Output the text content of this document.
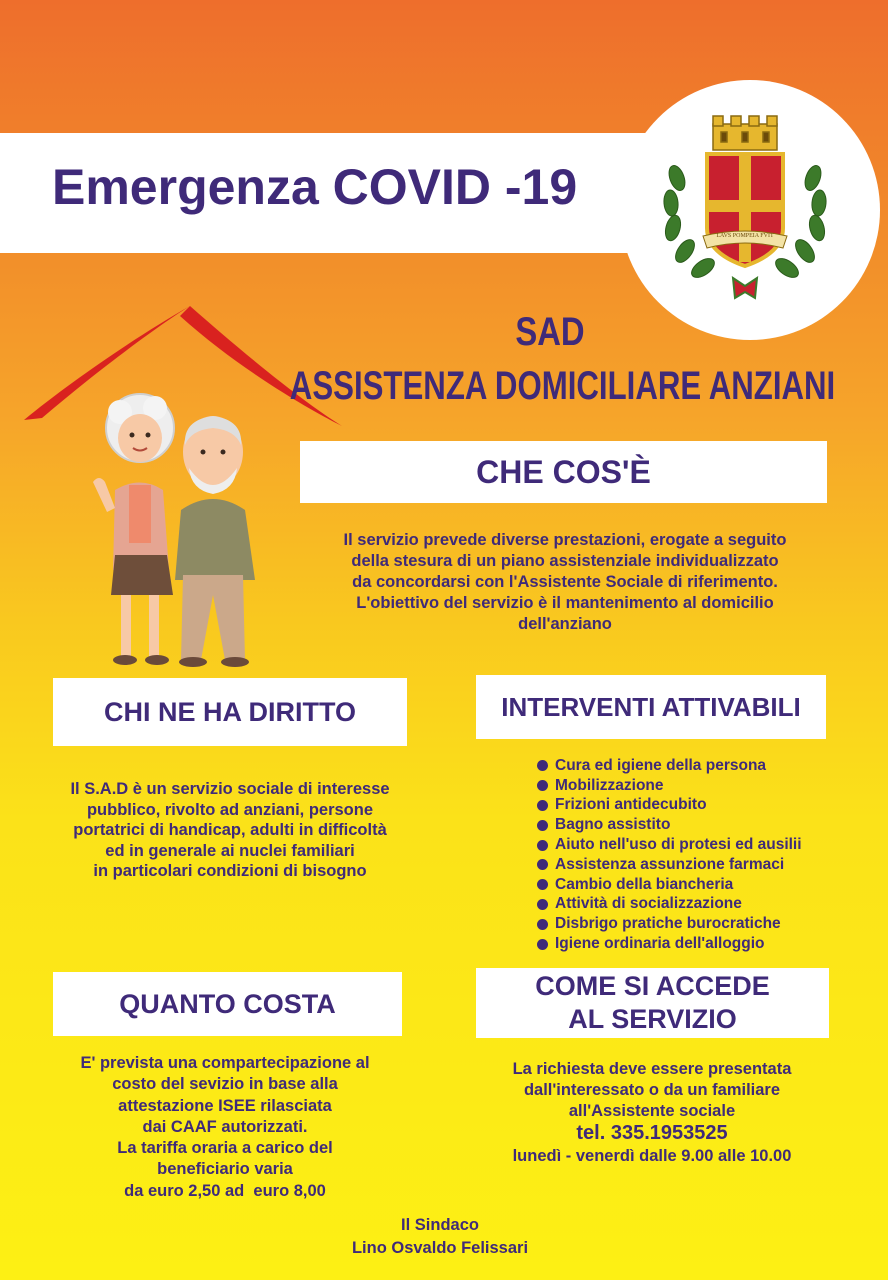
Emergenza COVID -19
LAVS POMPEIA FVIT
SAD
ASSISTENZA DOMICILIARE ANZIANI
CHE COS'È
Il servizio prevede diverse prestazioni, erogate a seguito
della stesura di un piano assistenziale individualizzato
da concordarsi con l'Assistente Sociale di riferimento.
L'obiettivo del servizio è il mantenimento al domicilio
dell'anziano
CHI NE HA DIRITTO
Il S.A.D è un servizio sociale di interesse
pubblico, rivolto ad anziani, persone
portatrici di handicap, adulti in difficoltà
ed in generale ai nuclei familiari
in particolari condizioni di bisogno
INTERVENTI ATTIVABILI
Cura ed igiene della persona
Mobilizzazione
Frizioni antidecubito
Bagno assistito
Aiuto nell'uso di protesi ed ausilii
Assistenza assunzione farmaci
Cambio della biancheria
Attività di socializzazione
Disbrigo pratiche burocratiche
Igiene ordinaria dell'alloggio
QUANTO COSTA
E' prevista una compartecipazione al
costo del sevizio in base alla
attestazione ISEE rilasciata
dai CAAF autorizzati.
La tariffa oraria a carico del
beneficiario varia
da euro 2,50 ad  euro 8,00
COME SI ACCEDE
AL SERVIZIO
La richiesta deve essere presentata
dall'interessato o da un familiare
all'Assistente sociale
tel. 335.1953525
lunedì - venerdì dalle 9.00 alle 10.00
Il Sindaco
Lino Osvaldo Felissari
